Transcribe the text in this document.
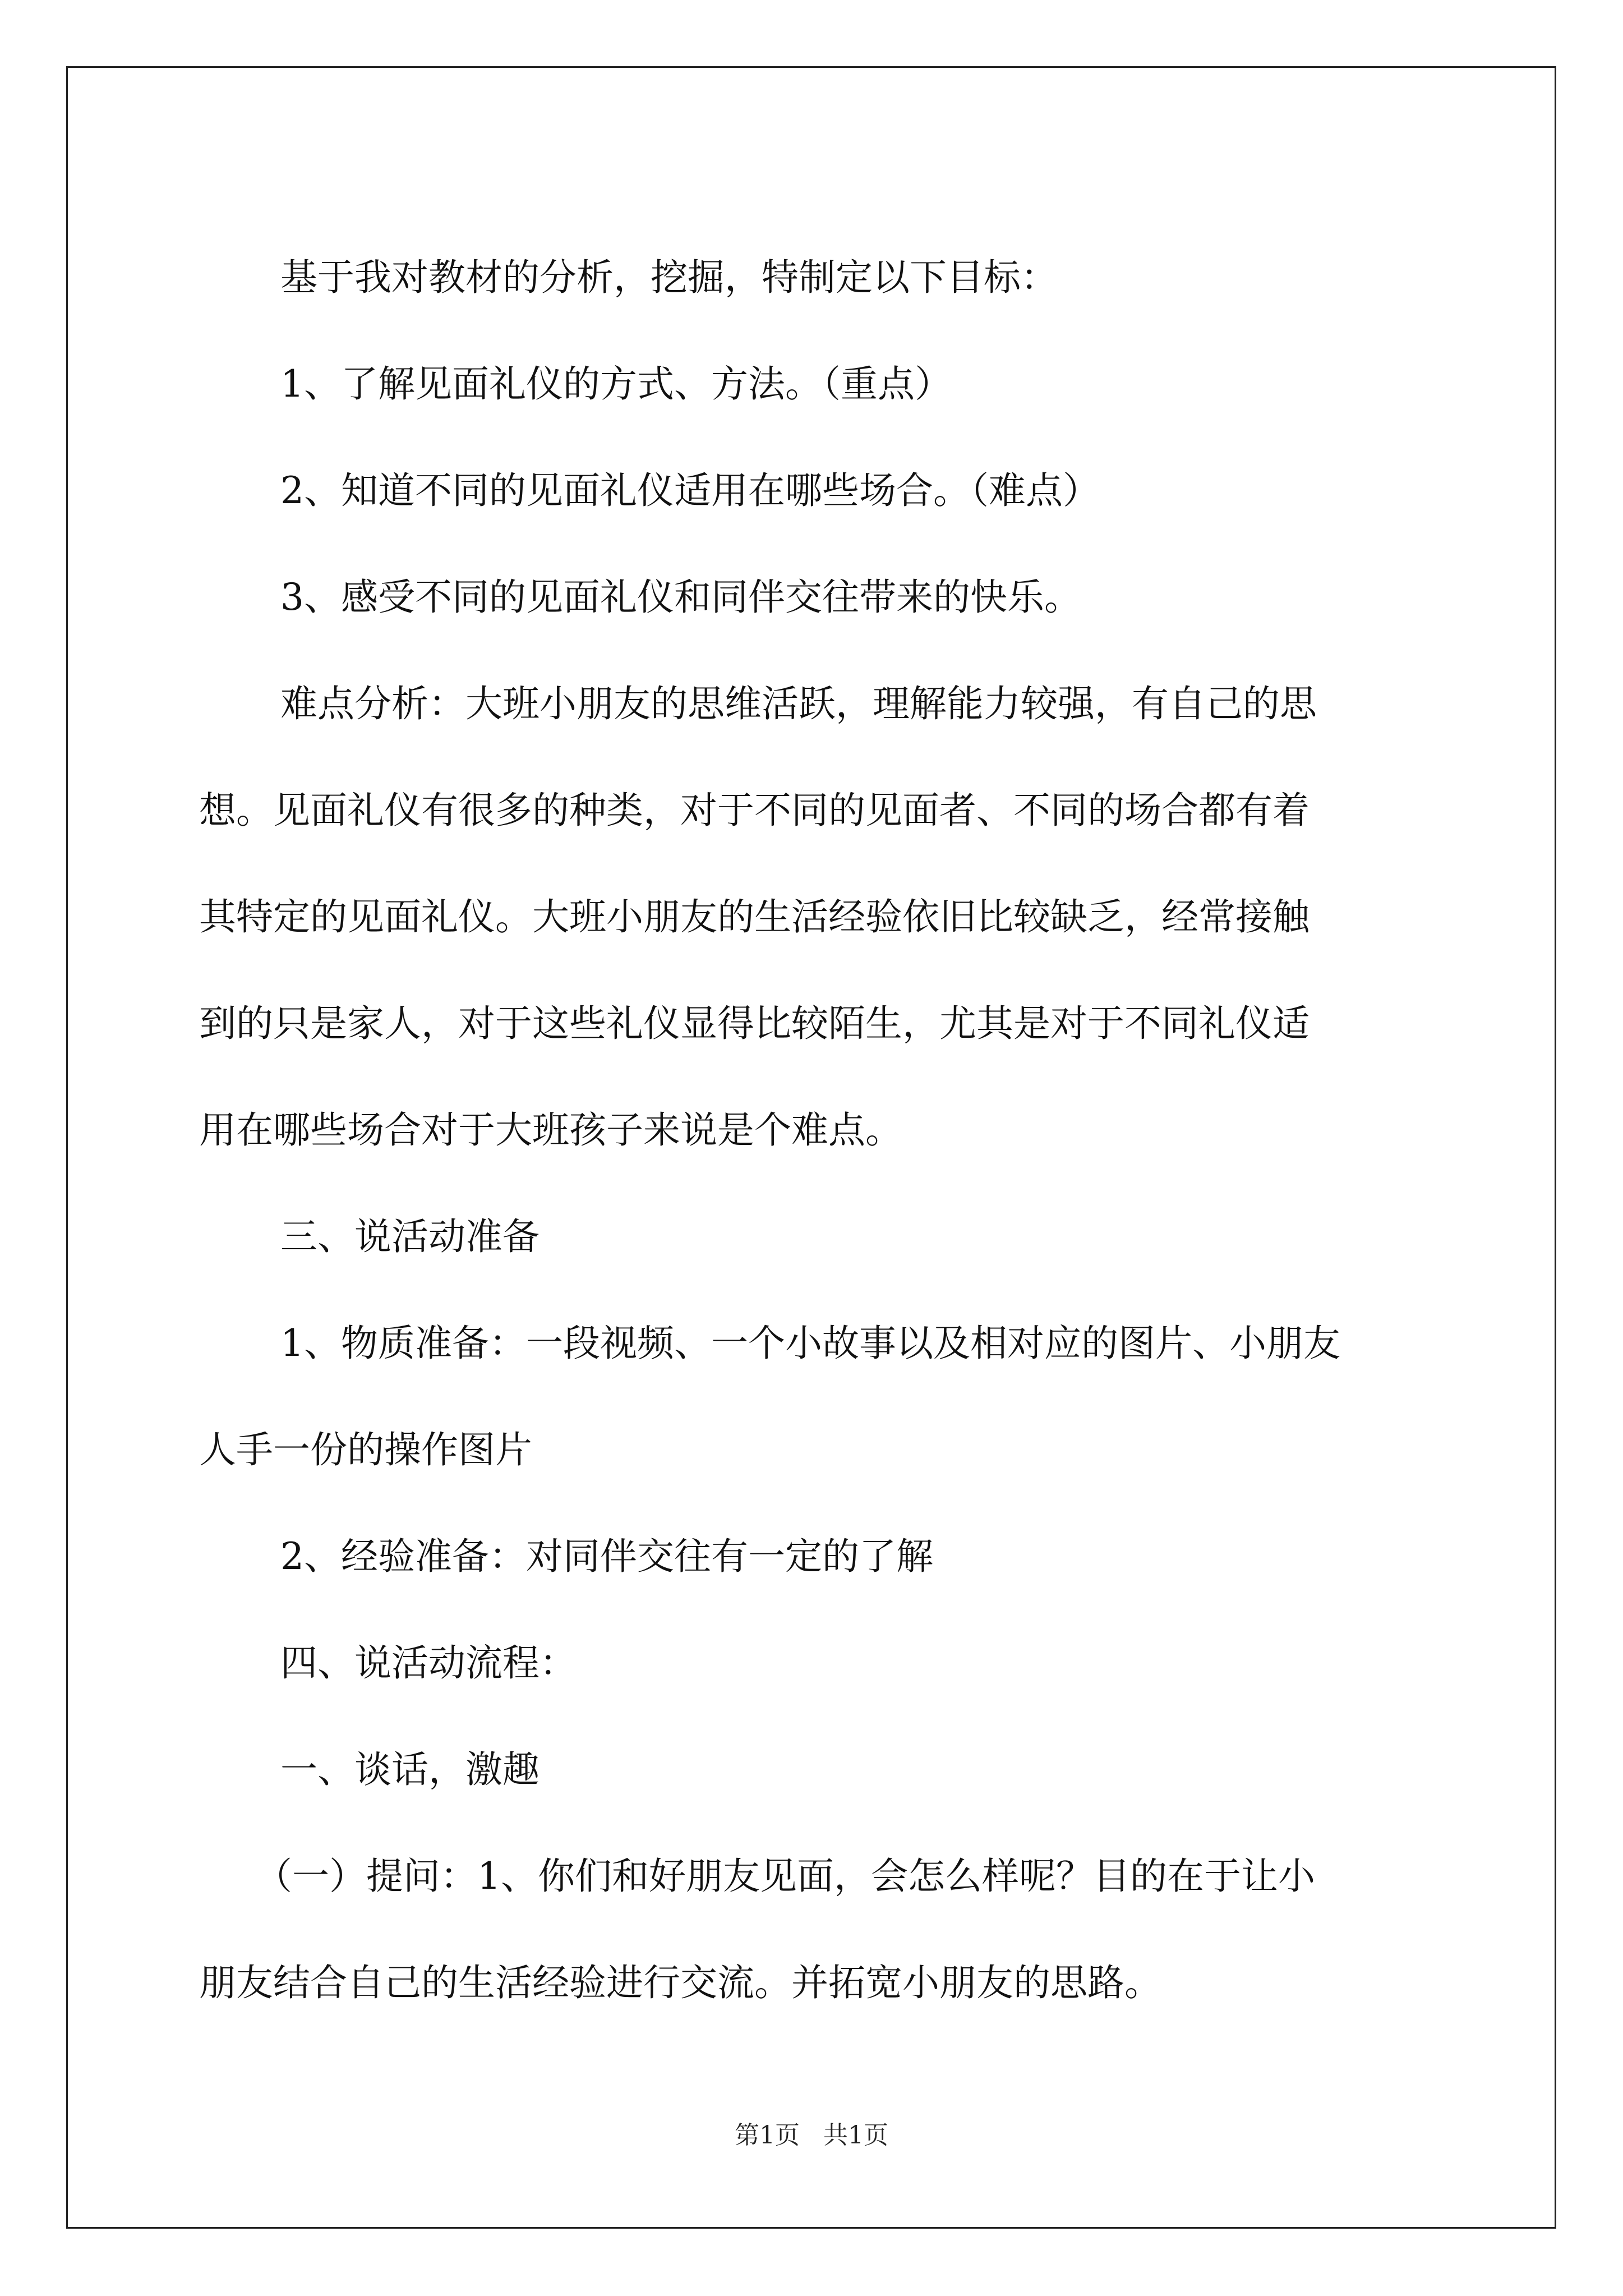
基于我对教材的分析，挖掘，特制定以下目标：
1、了解见面礼仪的方式、方法。（重点）
2、知道不同的见面礼仪适用在哪些场合。（难点）
3、感受不同的见面礼仪和同伴交往带来的快乐。
难点分析：大班小朋友的思维活跃，理解能力较强，有自己的思
想。见面礼仪有很多的种类，对于不同的见面者、不同的场合都有着
其特定的见面礼仪。大班小朋友的生活经验依旧比较缺乏，经常接触
到的只是家人，对于这些礼仪显得比较陌生，尤其是对于不同礼仪适
用在哪些场合对于大班孩子来说是个难点。
三、说活动准备
1、物质准备：一段视频、一个小故事以及相对应的图片、小朋友
人手一份的操作图片
2、经验准备：对同伴交往有一定的了解
四、说活动流程：
一、谈话，激趣
（一）提问：1、你们和好朋友见面，会怎么样呢？目的在于让小
朋友结合自己的生活经验进行交流。并拓宽小朋友的思路。
第1页 共1页
